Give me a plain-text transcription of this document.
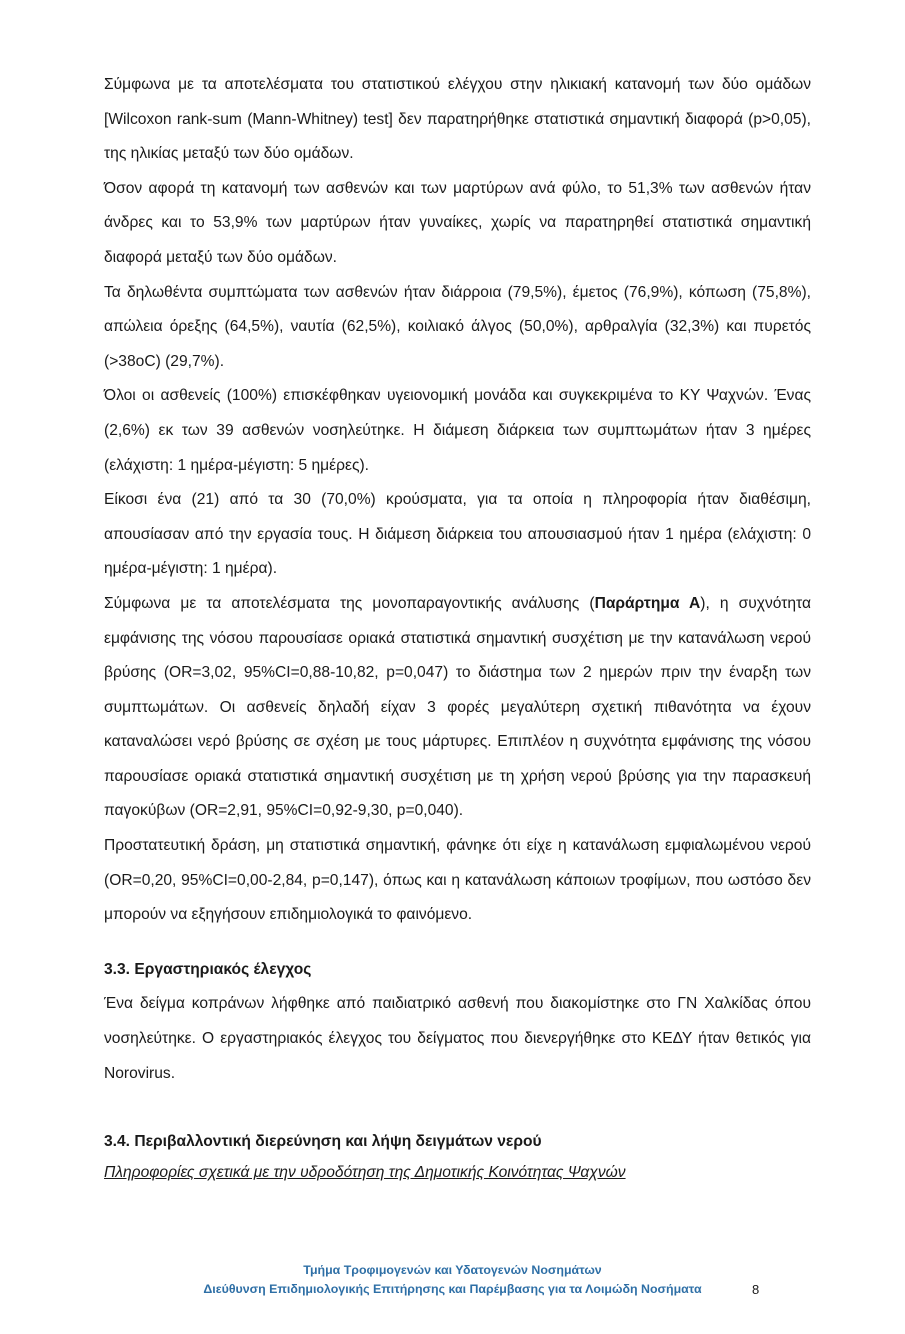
Σύμφωνα με τα αποτελέσματα του στατιστικού ελέγχου στην ηλικιακή κατανομή των δύο ομάδων [Wilcoxon rank-sum (Mann-Whitney) test] δεν παρατηρήθηκε στατιστικά σημαντική διαφορά (p>0,05), της ηλικίας μεταξύ των δύο ομάδων.

Όσον αφορά τη κατανομή των ασθενών και των μαρτύρων ανά φύλο, το 51,3% των ασθενών ήταν άνδρες και το 53,9% των μαρτύρων ήταν γυναίκες, χωρίς να παρατηρηθεί στατιστικά σημαντική διαφορά μεταξύ των δύο ομάδων.

Τα δηλωθέντα συμπτώματα των ασθενών ήταν διάρροια (79,5%), έμετος (76,9%), κόπωση (75,8%), απώλεια όρεξης (64,5%), ναυτία (62,5%), κοιλιακό άλγος (50,0%), αρθραλγία (32,3%) και πυρετός (>38oC) (29,7%).

Όλοι οι ασθενείς (100%) επισκέφθηκαν υγειονομική μονάδα και συγκεκριμένα το ΚΥ Ψαχνών. Ένας (2,6%) εκ των 39 ασθενών νοσηλεύτηκε. Η διάμεση διάρκεια των συμπτωμάτων ήταν 3 ημέρες (ελάχιστη: 1 ημέρα-μέγιστη: 5 ημέρες).

Είκοσι ένα (21) από τα 30 (70,0%) κρούσματα, για τα οποία η πληροφορία ήταν διαθέσιμη, απουσίασαν από την εργασία τους. Η διάμεση διάρκεια του απουσιασμού ήταν 1 ημέρα (ελάχιστη: 0 ημέρα-μέγιστη: 1 ημέρα).

Σύμφωνα με τα αποτελέσματα της μονοπαραγοντικής ανάλυσης (Παράρτημα Α), η συχνότητα εμφάνισης της νόσου παρουσίασε οριακά στατιστικά σημαντική συσχέτιση με την κατανάλωση νερού βρύσης (OR=3,02, 95%CI=0,88-10,82, p=0,047) το διάστημα των 2 ημερών πριν την έναρξη των συμπτωμάτων. Οι ασθενείς δηλαδή είχαν 3 φορές μεγαλύτερη σχετική πιθανότητα να έχουν καταναλώσει νερό βρύσης σε σχέση με τους μάρτυρες. Επιπλέον η συχνότητα εμφάνισης της νόσου παρουσίασε οριακά στατιστικά σημαντική συσχέτιση με τη χρήση νερού βρύσης για την παρασκευή παγοκύβων (OR=2,91, 95%CI=0,92-9,30, p=0,040).

Προστατευτική δράση, μη στατιστικά σημαντική, φάνηκε ότι είχε η κατανάλωση εμφιαλωμένου νερού (OR=0,20, 95%CI=0,00-2,84, p=0,147), όπως και η κατανάλωση κάποιων τροφίμων, που ωστόσο δεν μπορούν να εξηγήσουν επιδημιολογικά το φαινόμενο.

3.3. Εργαστηριακός έλεγχος

Ένα δείγμα κοπράνων λήφθηκε από παιδιατρικό ασθενή που διακομίστηκε στο ΓΝ Χαλκίδας όπου νοσηλεύτηκε. Ο εργαστηριακός έλεγχος του δείγματος που διενεργήθηκε στο ΚΕΔΥ ήταν θετικός για Norovirus.

3.4. Περιβαλλοντική διερεύνηση και λήψη δειγμάτων νερού

Πληροφορίες σχετικά με την υδροδότηση της Δημοτικής Κοινότητας Ψαχνών

Τμήμα Τροφιμογενών και Υδατογενών Νοσημάτων
Διεύθυνση Επιδημιολογικής Επιτήρησης και Παρέμβασης για τα Λοιμώδη Νοσήματα	8
